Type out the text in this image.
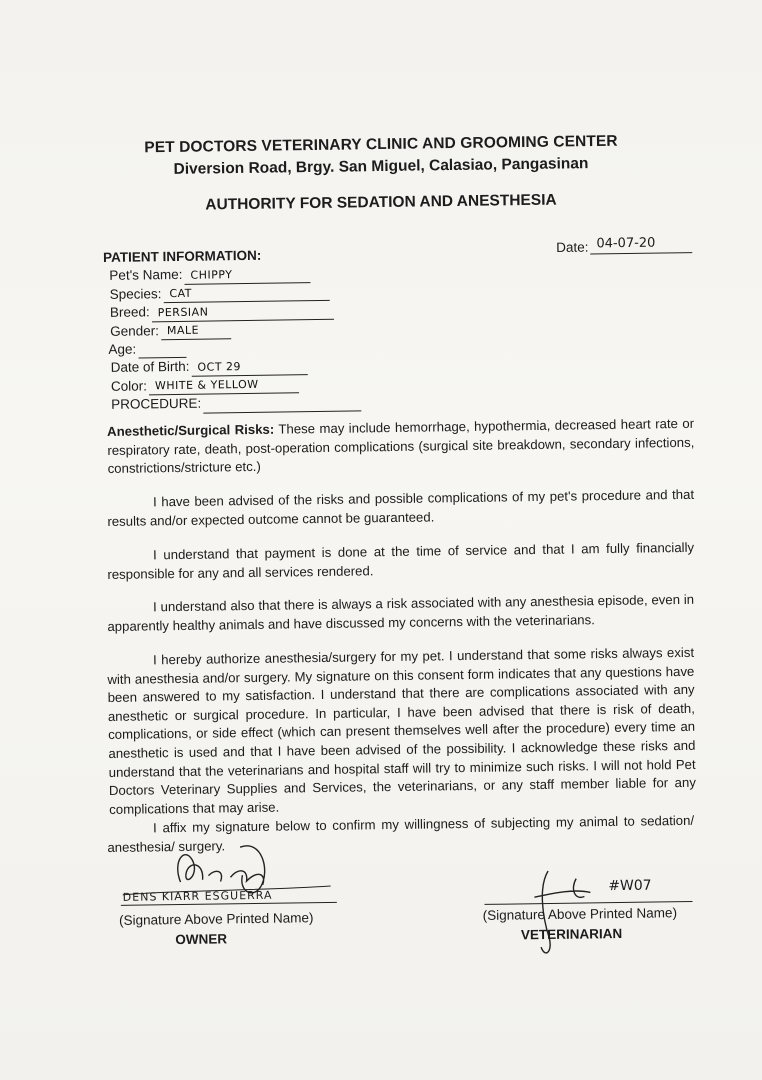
PET DOCTORS VETERINARY CLINIC AND GROOMING CENTER
Diversion Road, Brgy. San Miguel, Calasiao, Pangasinan
AUTHORITY FOR SEDATION AND ANESTHESIA
Date: 04-07-20
PATIENT INFORMATION:
Pet's Name: CHIPPY
Species: CAT
Breed: PERSIAN
Gender: MALE
Age:
Date of Birth: OCT 29
Color: WHITE & YELLOW
PROCEDURE:

Anesthetic/Surgical Risks: These may include hemorrhage, hypothermia, decreased heart rate or respiratory rate, death, post-operation complications (surgical site breakdown, secondary infections, constrictions/stricture etc.)

I have been advised of the risks and possible complications of my pet's procedure and that results and/or expected outcome cannot be guaranteed.

I understand that payment is done at the time of service and that I am fully financially responsible for any and all services rendered.

I understand also that there is always a risk associated with any anesthesia episode, even in apparently healthy animals and have discussed my concerns with the veterinarians.

I hereby authorize anesthesia/surgery for my pet. I understand that some risks always exist with anesthesia and/or surgery. My signature on this consent form indicates that any questions have been answered to my satisfaction. I understand that there are complications associated with any anesthetic or surgical procedure. In particular, I have been advised that there is risk of death, complications, or side effect (which can present themselves well after the procedure) every time an anesthetic is used and that I have been advised of the possibility. I acknowledge these risks and understand that the veterinarians and hospital staff will try to minimize such risks. I will not hold Pet Doctors Veterinary Supplies and Services, the veterinarians, or any staff member liable for any complications that may arise.

I affix my signature below to confirm my willingness of subjecting my animal to sedation/ anesthesia/ surgery.

DENS KIARR ESGUERRA
(Signature Above Printed Name)
OWNER
#W07
(Signature Above Printed Name)
VETERINARIAN
